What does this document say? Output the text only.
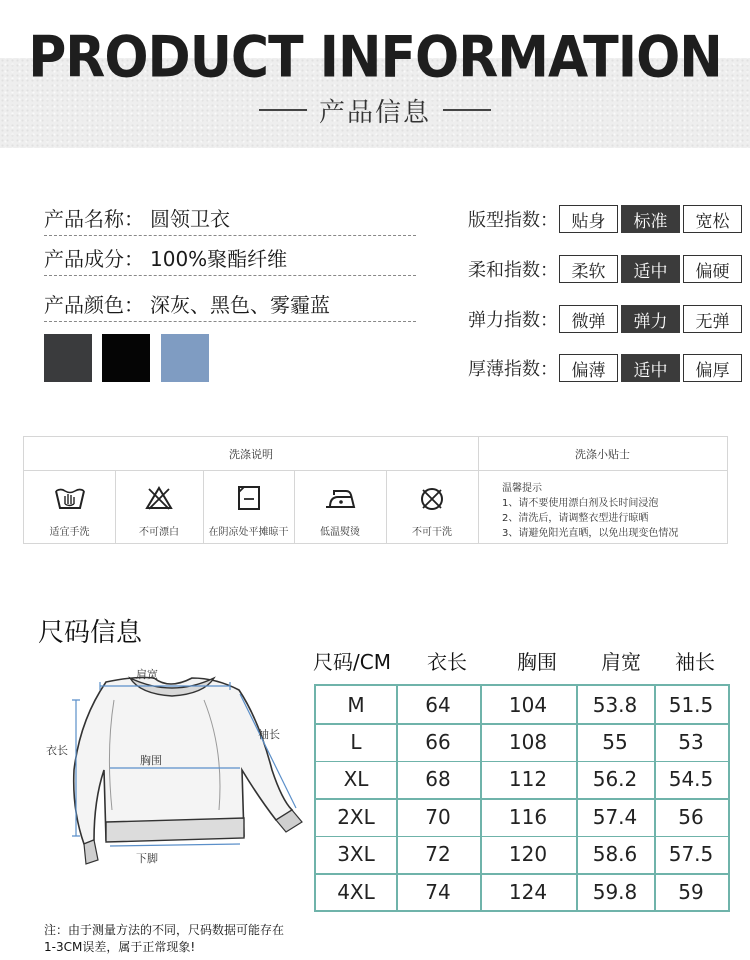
PRODUCT INFORMATION
产品信息
产品名称： 圆领卫衣
产品成分： 100%聚酯纤维
产品颜色： 深灰、黑色、雾霾蓝
版型指数： 贴身	标准	宽松
柔和指数： 柔软	适中	偏硬
弹力指数： 微弹	弹力	无弹
厚薄指数： 偏薄	适中	偏厚
洗涤说明	洗涤小贴士
适宜手洗	不可漂白	在阴凉处平摊晾干	低温熨烫	不可干洗
温馨提示
1、请不要使用漂白剂及长时间浸泡
2、清洗后，请调整衣型进行晾晒
3、请避免阳光直晒，以免出现变色情况
尺码信息
肩宽
袖长
衣长
胸围
下脚
尺码/CM	衣长	胸围	肩宽	袖长
M	64	104	53.8	51.5
L	66	108	55	53
XL	68	112	56.2	54.5
2XL	70	116	57.4	56
3XL	72	120	58.6	57.5
4XL	74	124	59.8	59
注：由于测量方法的不同，尺码数据可能存在
1-3CM误差，属于正常现象!
